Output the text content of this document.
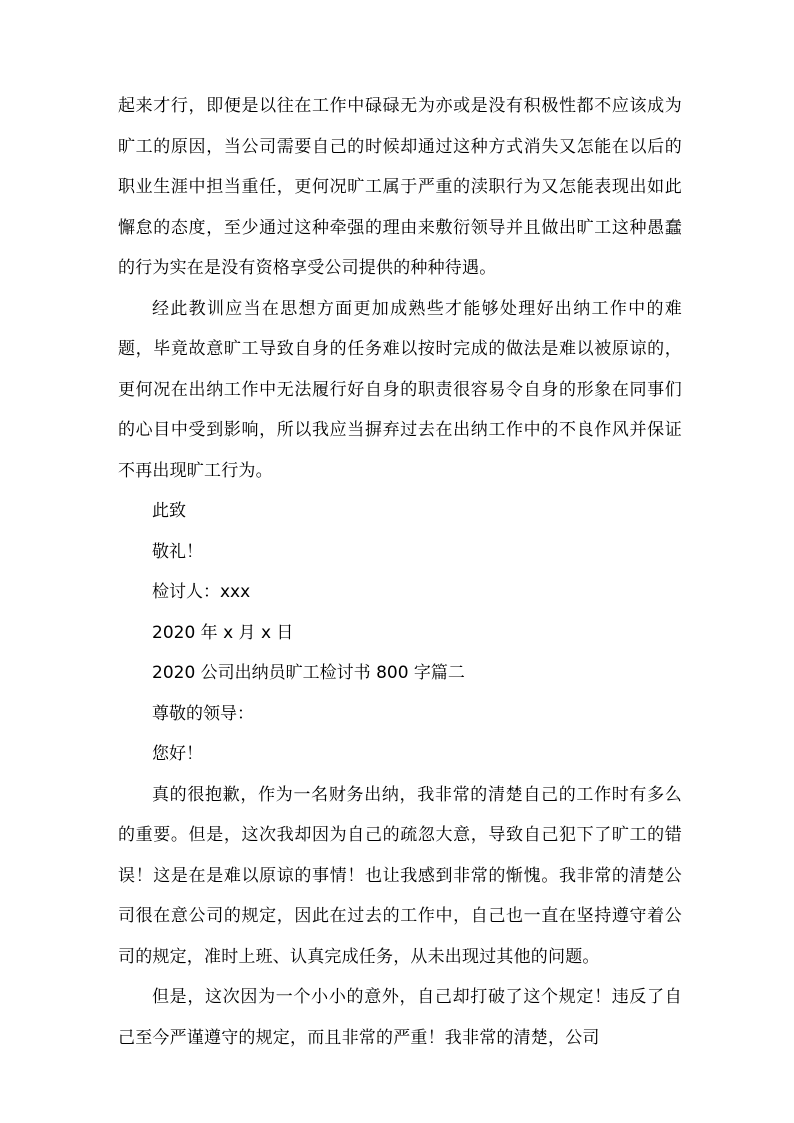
起来才行，即便是以往在工作中碌碌无为亦或是没有积极性都不应该成为旷工的原因，当公司需要自己的时候却通过这种方式消失又怎能在以后的职业生涯中担当重任，更何况旷工属于严重的渎职行为又怎能表现出如此懈怠的态度，至少通过这种牵强的理由来敷衍领导并且做出旷工这种愚蠢的行为实在是没有资格享受公司提供的种种待遇。

经此教训应当在思想方面更加成熟些才能够处理好出纳工作中的难题，毕竟故意旷工导致自身的任务难以按时完成的做法是难以被原谅的，更何况在出纳工作中无法履行好自身的职责很容易令自身的形象在同事们的心目中受到影响，所以我应当摒弃过去在出纳工作中的不良作风并保证不再出现旷工行为。

此致

敬礼！

检讨人：xxx

2020 年 x 月 x 日

2020 公司出纳员旷工检讨书 800 字篇二

尊敬的领导：

您好！

真的很抱歉，作为一名财务出纳，我非常的清楚自己的工作时有多么的重要。但是，这次我却因为自己的疏忽大意，导致自己犯下了旷工的错误！这是在是难以原谅的事情！也让我感到非常的惭愧。我非常的清楚公司很在意公司的规定，因此在过去的工作中，自己也一直在坚持遵守着公司的规定，准时上班、认真完成任务，从未出现过其他的问题。

但是，这次因为一个小小的意外，自己却打破了这个规定！违反了自己至今严谨遵守的规定，而且非常的严重！我非常的清楚，公司
